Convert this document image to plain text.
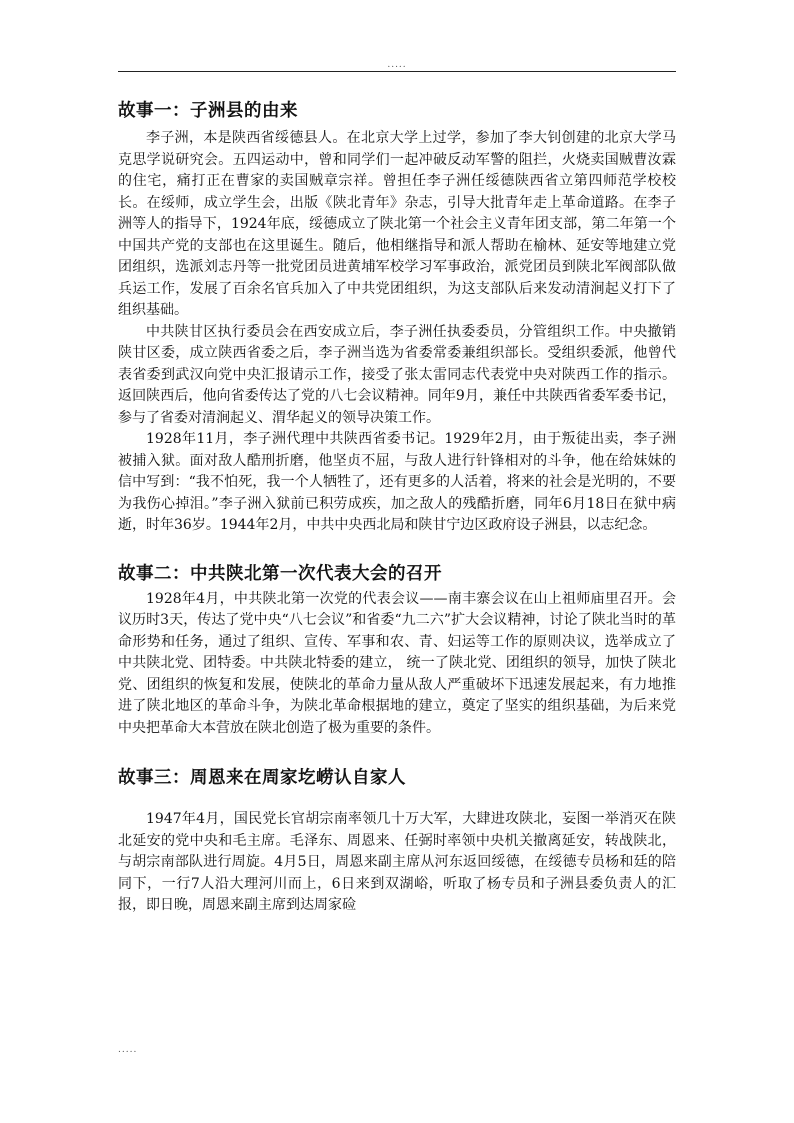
.....
故事一：子洲县的由来

李子洲，本是陕西省绥德县人。在北京大学上过学，参加了李大钊创建的北京大学马克思学说研究会。五四运动中，曾和同学们一起冲破反动军警的阻拦，火烧卖国贼曹汝霖的住宅，痛打正在曹家的卖国贼章宗祥。曾担任李子洲任绥德陕西省立第四师范学校校长。在绥师，成立学生会，出版《陕北青年》杂志，引导大批青年走上革命道路。在李子洲等人的指导下，1924年底，绥德成立了陕北第一个社会主义青年团支部，第二年第一个中国共产党的支部也在这里诞生。随后，他相继指导和派人帮助在榆林、延安等地建立党团组织，选派刘志丹等一批党团员进黄埔军校学习军事政治，派党团员到陕北军阀部队做兵运工作，发展了百余名官兵加入了中共党团组织，为这支部队后来发动清涧起义打下了组织基础。

中共陕甘区执行委员会在西安成立后，李子洲任执委委员，分管组织工作。中央撤销陕甘区委，成立陕西省委之后，李子洲当选为省委常委兼组织部长。受组织委派，他曾代表省委到武汉向党中央汇报请示工作，接受了张太雷同志代表党中央对陕西工作的指示。返回陕西后，他向省委传达了党的八七会议精神。同年9月，兼任中共陕西省委军委书记，参与了省委对清涧起义、渭华起义的领导决策工作。

1928年11月，李子洲代理中共陕西省委书记。1929年2月，由于叛徒出卖，李子洲被捕入狱。面对敌人酷刑折磨，他坚贞不屈，与敌人进行针锋相对的斗争，他在给妹妹的信中写到：“我不怕死，我一个人牺牲了，还有更多的人活着，将来的社会是光明的，不要为我伤心掉泪。”李子洲入狱前已积劳成疾，加之敌人的残酷折磨，同年6月18日在狱中病逝，时年36岁。1944年2月，中共中央西北局和陕甘宁边区政府设子洲县，以志纪念。

故事二：中共陕北第一次代表大会的召开

1928年4月，中共陕北第一次党的代表会议——南丰寨会议在山上祖师庙里召开。会议历时3天，传达了党中央“八七会议”和省委“九二六”扩大会议精神，讨论了陕北当时的革命形势和任务，通过了组织、宣传、军事和农、青、妇运等工作的原则决议，选举成立了中共陕北党、团特委。中共陕北特委的建立， 统一了陕北党、团组织的领导，加快了陕北党、团组织的恢复和发展，使陕北的革命力量从敌人严重破坏下迅速发展起来，有力地推进了陕北地区的革命斗争，为陕北革命根据地的建立，奠定了坚实的组织基础，为后来党中央把革命大本营放在陕北创造了极为重要的条件。

故事三：周恩来在周家圪崂认自家人

1947年4月，国民党长官胡宗南率领几十万大军，大肆进攻陕北，妄图一举消灭在陕北延安的党中央和毛主席。毛泽东、周恩来、任弼时率领中央机关撤离延安，转战陕北，与胡宗南部队进行周旋。4月5日，周恩来副主席从河东返回绥德，在绥德专员杨和廷的陪同下，一行7人沿大理河川而上，6日来到双湖峪，听取了杨专员和子洲县委负责人的汇报，即日晚，周恩来副主席到达周家硷

.....
